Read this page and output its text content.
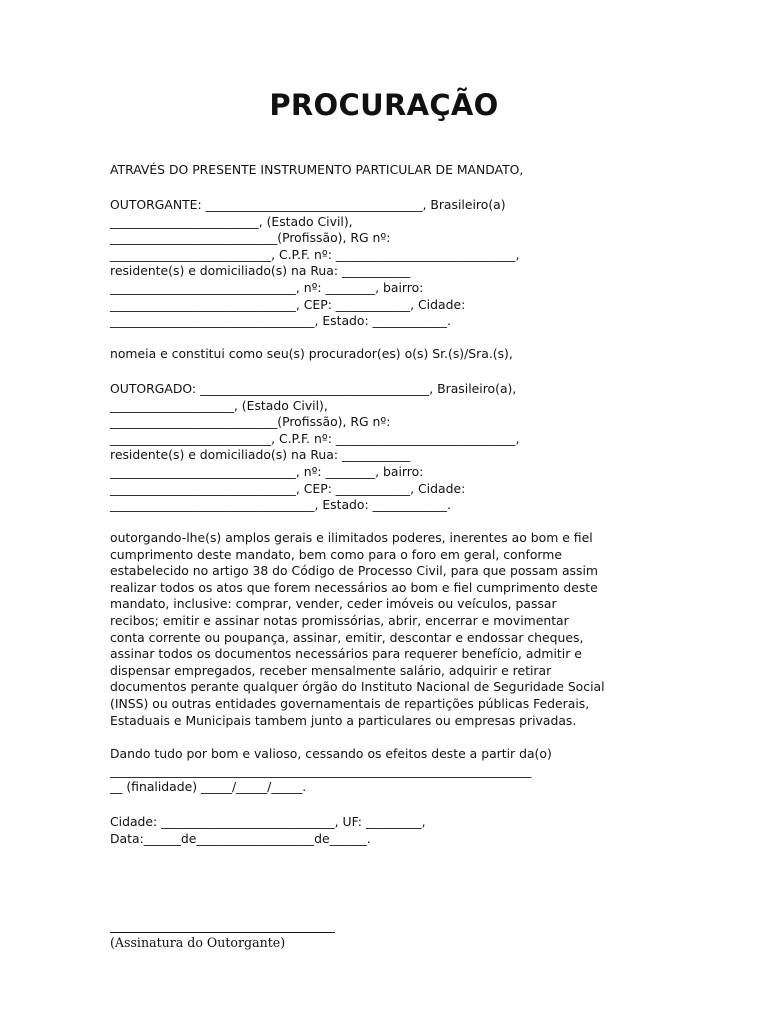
PROCURAÇÃO

ATRAVÉS DO PRESENTE INSTRUMENTO PARTICULAR DE MANDATO,

OUTORGANTE: ___________________________________, Brasileiro(a)
________________________, (Estado Civil),
___________________________(Profissão), RG nº:
__________________________, C.P.F. nº: _____________________________,
residente(s) e domiciliado(s) na Rua: ___________
______________________________, nº: ________, bairro:
______________________________, CEP: ____________, Cidade:
_________________________________, Estado: ____________.

nomeia e constitui como seu(s) procurador(es) o(s) Sr.(s)/Sra.(s),

OUTORGADO: _____________________________________, Brasileiro(a),
____________________, (Estado Civil),
___________________________(Profissão), RG nº:
__________________________, C.P.F. nº: _____________________________,
residente(s) e domiciliado(s) na Rua: ___________
______________________________, nº: ________, bairro:
______________________________, CEP: ____________, Cidade:
_________________________________, Estado: ____________.
outorgando-lhe(s) amplos gerais e ilimitados poderes, inerentes ao bom e fiel
cumprimento deste mandato, bem como para o foro em geral, conforme
estabelecido no artigo 38 do Código de Processo Civil, para que possam assim
realizar todos os atos que forem necessários ao bom e fiel cumprimento deste
mandato, inclusive: comprar, vender, ceder imóveis ou veículos, passar
recibos; emitir e assinar notas promissórias, abrir, encerrar e movimentar
conta corrente ou poupança, assinar, emitir, descontar e endossar cheques,
assinar todos os documentos necessários para requerer benefício, admitir e
dispensar empregados, receber mensalmente salário, adquirir e retirar
documentos perante qualquer órgão do Instituto Nacional de Seguridade Social
(INSS) ou outras entidades governamentais de repartições públicas Federais,
Estaduais e Municipais tambem junto a particulares ou empresas privadas.
Dando tudo por bom e valioso, cessando os efeitos deste a partir da(o)
____________________________________________________________________
__ (finalidade) _____/_____/_____.
Cidade: ____________________________, UF: _________,
Data:______de___________________de______.

(Assinatura do Outorgante)
